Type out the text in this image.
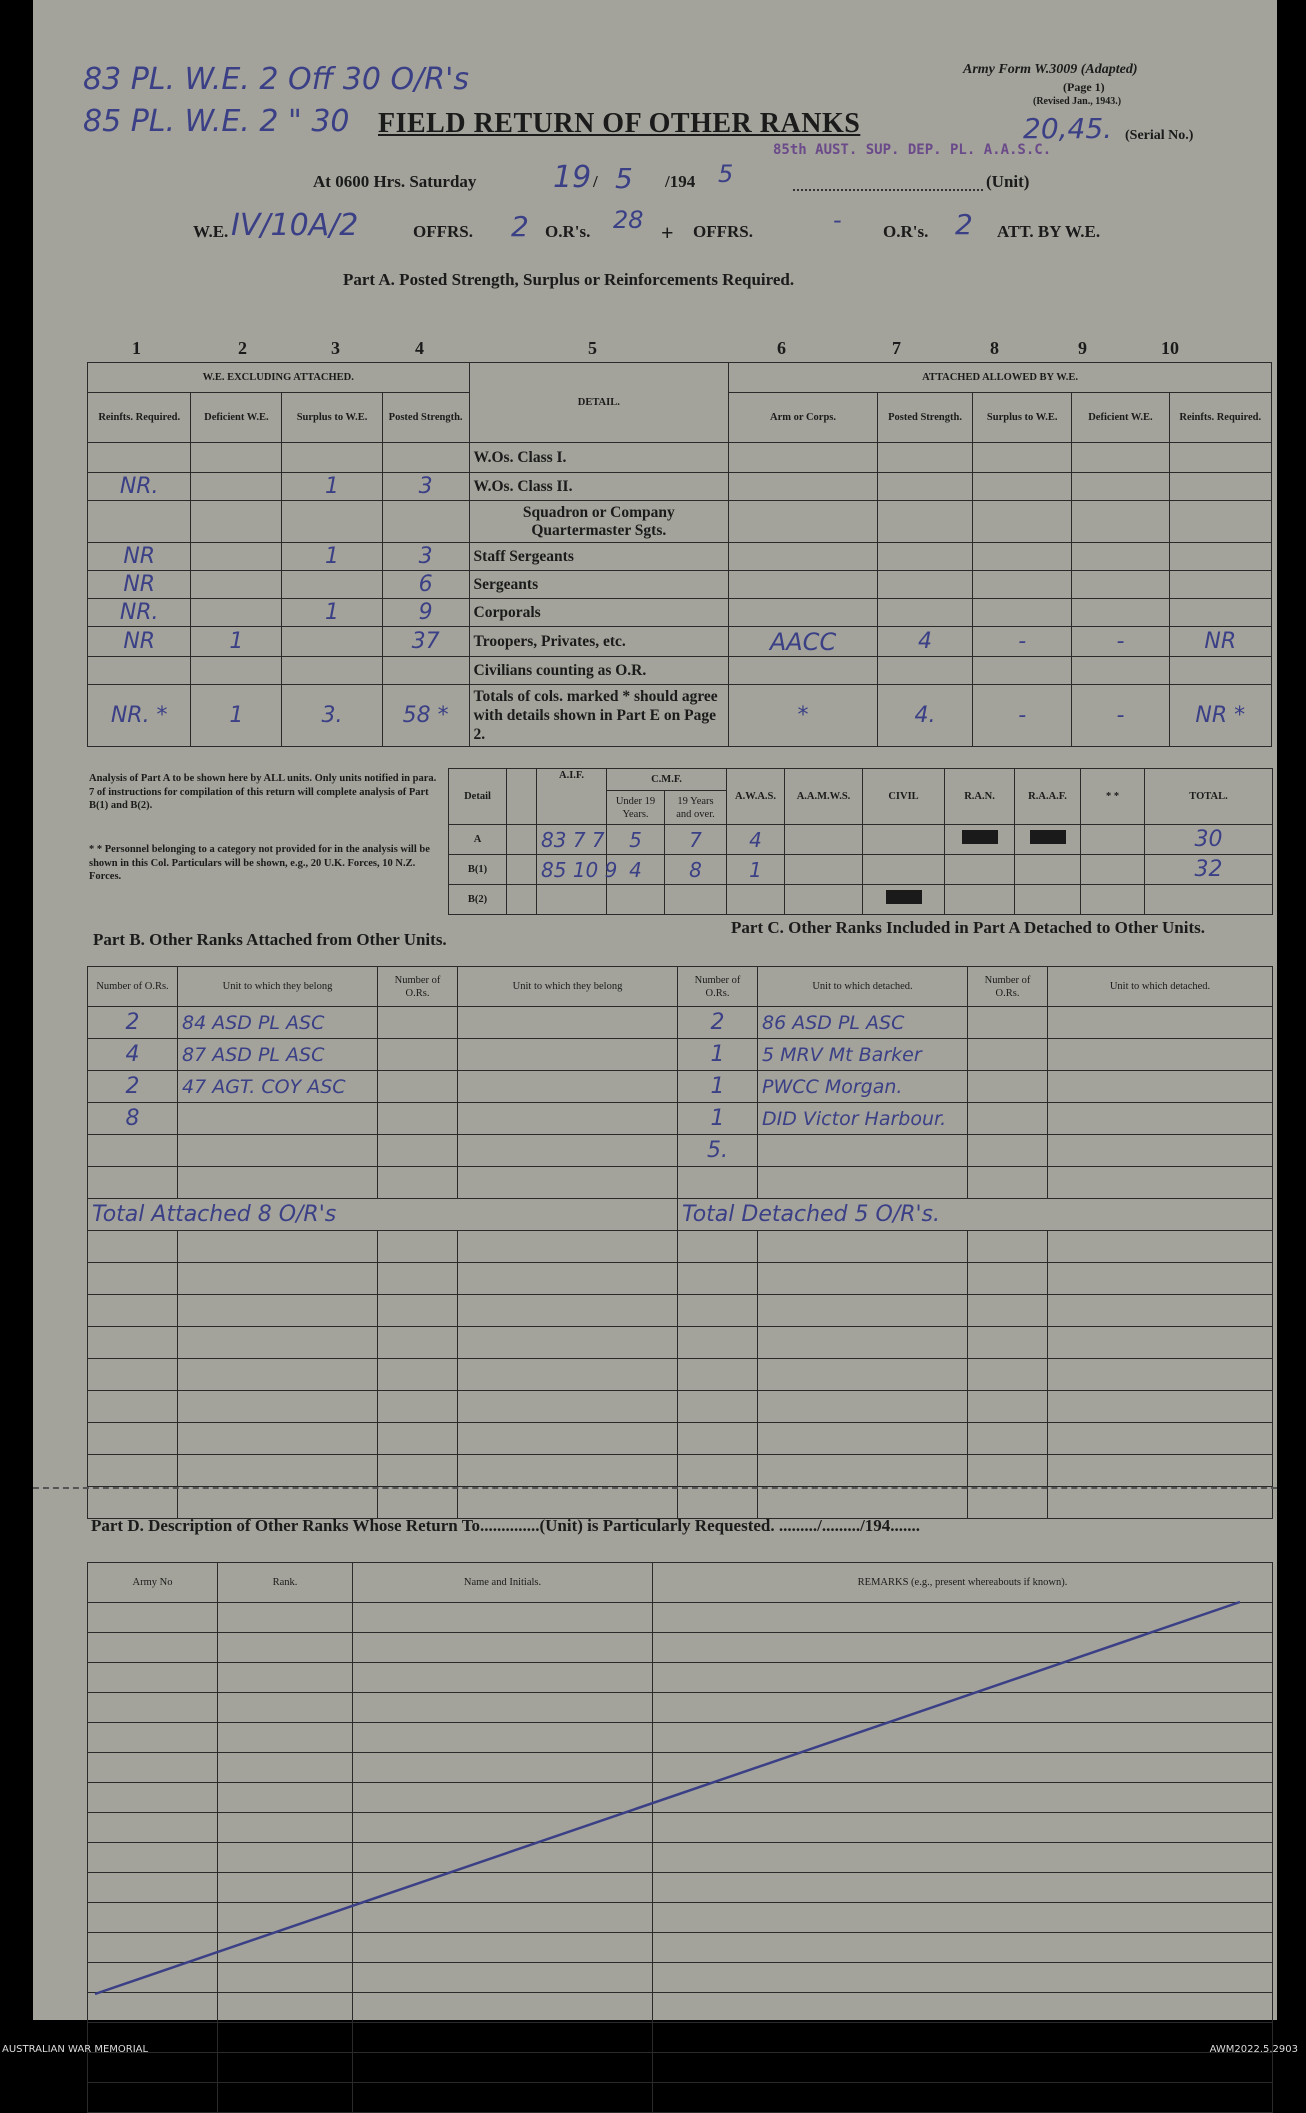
83 PL. W.E. 2 Off 30 O/R's
85 PL. W.E. 2 " 30
Army Form W.3009 (Adapted)
(Page 1)
(Revised Jan., 1943.)
20,45. (Serial No.)
FIELD RETURN OF OTHER RANKS
85th AUST. SUP. DEP. PL. A.A.S.C.
At 0600 Hrs. Saturday	19 / 5 /194 5	(Unit)
W.E. IV/10A/2	OFFRS. 2 O.R's. 28 + OFFRS.	- O.R's. 2 ATT. BY W.E.
Part A. Posted Strength, Surplus or Reinforcements Required.
1	2	3	4	5	6	7	8	9	10
W.E. EXCLUDING ATTACHED.				DETAIL.	ATTACHED ALLOWED BY W.E.				
Reinfts. Required.	Deficient W.E.	Surplus to W.E.	Posted Strength.		Arm or Corps.	Posted Strength.	Surplus to W.E.	Deficient W.E.	Reinfts. Required.
				W.Os. Class I.					
NR.		1	3	W.Os. Class II.					
				Squadron or Company Quartermaster Sgts.					
NR		1	3	Staff Sergeants					
NR			6	Sergeants					
NR.		1	9	Corporals					
NR	1		37	Troopers, Privates, etc.	AACC	4	-	-	NR
				Civilians counting as O.R.					
NR. *	1	3.	58 *	Totals of cols. marked * should agree with details shown in Part E on Page 2.	*	4.	-	-	NR *
Analysis of Part A to be shown here by ALL units. Only units notified in para. 7 of instructions for compilation of this return will complete analysis of Part B(1) and B(2).
* * Personnel belonging to a category not provided for in the analysis will be shown in this Col. Particulars will be shown, e.g., 20 U.K. Forces, 10 N.Z. Forces.
Detail		A.I.F.	C.M.F.		A.W.A.S.	A.A.M.W.S.	CIVIL	R.A.N.	R.A.A.F.	* *	TOTAL.
			Under 19 Years.	19 Years and over.							
A		83 7 7	5	7	4						30
B(1)		85 10 9	4	8	1						32
B(2)											
Part B. Other Ranks Attached from Other Units.
Part C. Other Ranks Included in Part A Detached to Other Units.
Number of O.Rs.	Unit to which they belong	Number of O.Rs.	Unit to which they belong
2	84 ASD PL ASC		
4	87 ASD PL ASC		
2	47 AGT. COY ASC		
8			

Total Attached 8 O/R's			

Number of O.Rs.	Unit to which detached.	Number of O.Rs.	Unit to which detached.
2	86 ASD PL ASC		
1	5 MRV Mt Barker		
1	PWCC Morgan.		
1	DID Victor Harbour.		
5.			

Total Detached 5 O/R's.			

Part D. Description of Other Ranks Whose Return To..............(Unit) is Particularly Requested. ........./........./194.......
Army No	Rank.	Name and Initials.	REMARKS (e.g., present whereabouts if known).

AUSTRALIAN WAR MEMORIAL	AWM2022.5.2903
